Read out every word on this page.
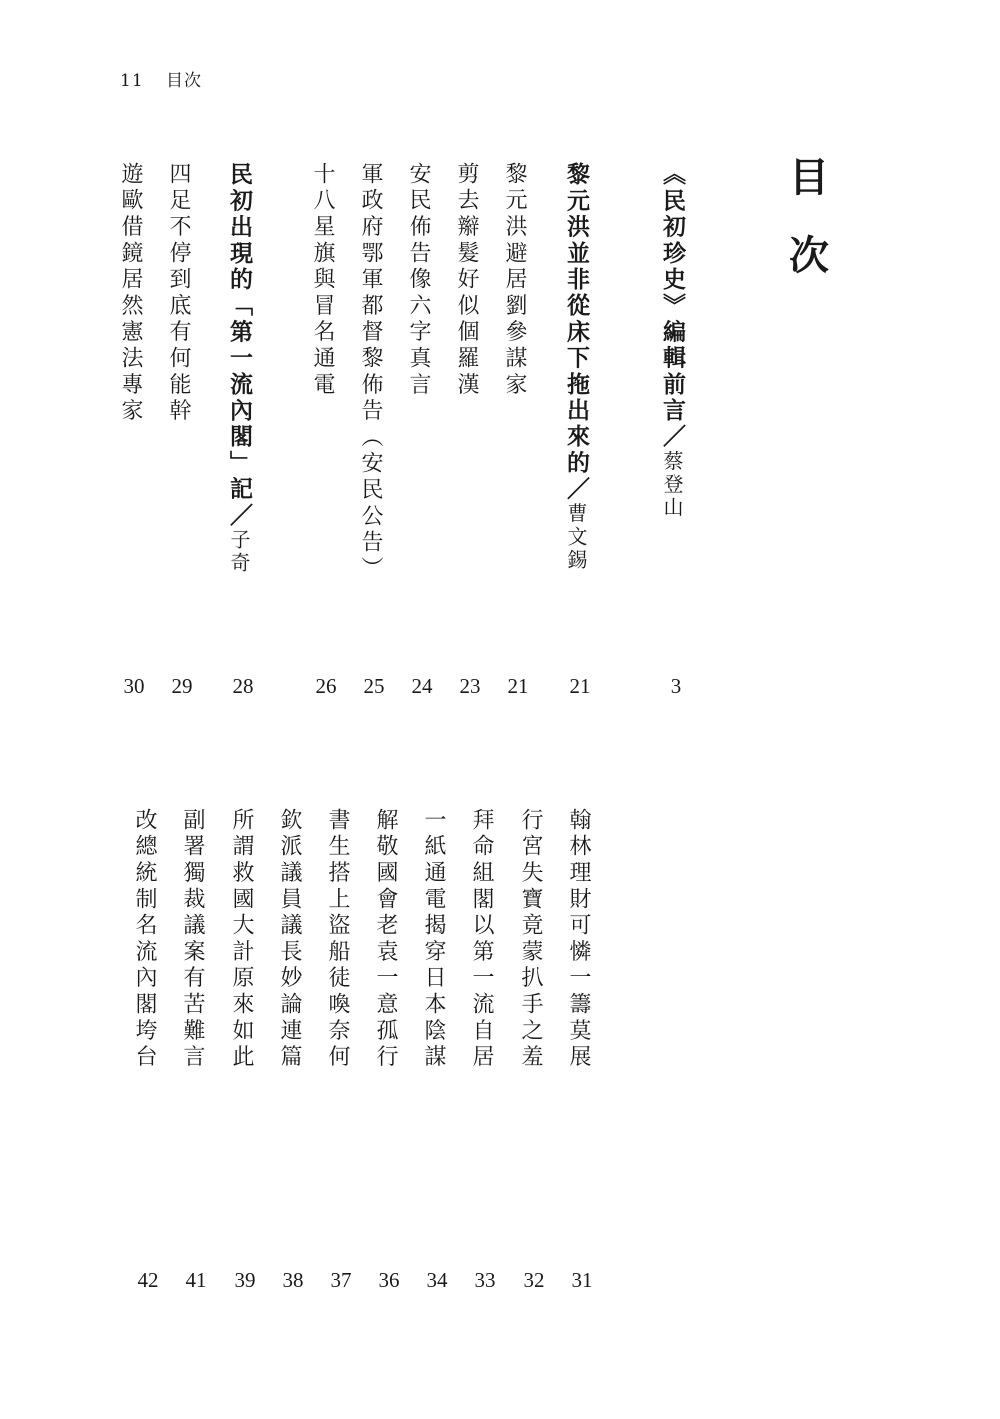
11 目次
目
次
《民初珍史》編輯前言／蔡登山
3
黎元洪並非從床下拖出來的／曹文錫
21
黎元洪避居劉參謀家
21
剪去辮髮好似個羅漢
23
安民佈告像六字真言
24
軍政府鄂軍都督黎佈告（安民公告）
25
十八星旗與冒名通電
26
民初出現的「第一流內閣」記／子奇
28
四足不停到底有何能幹
29
遊歐借鏡居然憲法專家
30
翰林理財可憐一籌莫展
31
行宮失寶竟蒙扒手之羞
32
拜命組閣以第一流自居
33
一紙通電揭穿日本陰謀
34
解敬國會老袁一意孤行
36
書生搭上盜船徒喚奈何
37
欽派議員議長妙論連篇
38
所謂救國大計原來如此
39
副署獨裁議案有苦難言
41
改總統制名流內閣垮台
42
